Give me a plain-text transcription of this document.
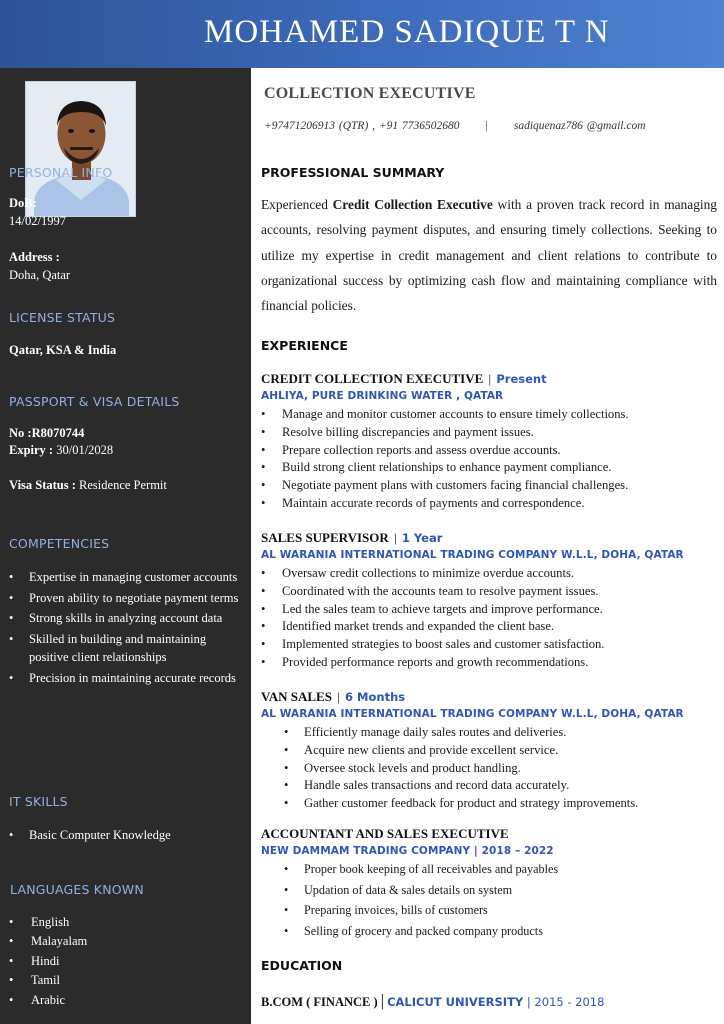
MOHAMED SADIQUE T N
PERSONAL INFO
DoB:
14/02/1997
Address :
Doha, Qatar
LICENSE STATUS
Qatar, KSA & India
PASSPORT & VISA DETAILS
No :R8070744
Expiry : 30/01/2028
Visa Status : Residence Permit
COMPETENCIES
• Expertise in managing customer accounts
• Proven ability to negotiate payment terms
• Strong skills in analyzing account data
• Skilled in building and maintaining positive client relationships
• Precision in maintaining accurate records
IT SKILLS
• Basic Computer Knowledge
LANGUAGES KNOWN
• English
• Malayalam
• Hindi
• Tamil
• Arabic
COLLECTION EXECUTIVE
+97471206913 (QTR) , +91 7736502680 | sadiquenaz786 @gmail.com
PROFESSIONAL SUMMARY
Experienced Credit Collection Executive with a proven track record in managing accounts, resolving payment disputes, and ensuring timely collections. Seeking to utilize my expertise in credit management and client relations to contribute to organizational success by optimizing cash flow and maintaining compliance with financial policies.
EXPERIENCE
CREDIT COLLECTION EXECUTIVE | Present
AHLIYA, PURE DRINKING WATER , QATAR
• Manage and monitor customer accounts to ensure timely collections.
• Resolve billing discrepancies and payment issues.
• Prepare collection reports and assess overdue accounts.
• Build strong client relationships to enhance payment compliance.
• Negotiate payment plans with customers facing financial challenges.
• Maintain accurate records of payments and correspondence.
SALES SUPERVISOR | 1 Year
AL WARANIA INTERNATIONAL TRADING COMPANY W.L.L, DOHA, QATAR
• Oversaw credit collections to minimize overdue accounts.
• Coordinated with the accounts team to resolve payment issues.
• Led the sales team to achieve targets and improve performance.
• Identified market trends and expanded the client base.
• Implemented strategies to boost sales and customer satisfaction.
• Provided performance reports and growth recommendations.
VAN SALES | 6 Months
AL WARANIA INTERNATIONAL TRADING COMPANY W.L.L, DOHA, QATAR
• Efficiently manage daily sales routes and deliveries.
• Acquire new clients and provide excellent service.
• Oversee stock levels and product handling.
• Handle sales transactions and record data accurately.
• Gather customer feedback for product and strategy improvements.
ACCOUNTANT AND SALES EXECUTIVE
NEW DAMMAM TRADING COMPANY | 2018 – 2022
• Proper book keeping of all receivables and payables
• Updation of data & sales details on system
• Preparing invoices, bills of customers
• Selling of grocery and packed company products
EDUCATION
B.COM ( FINANCE ) | CALICUT UNIVERSITY | 2015 - 2018
